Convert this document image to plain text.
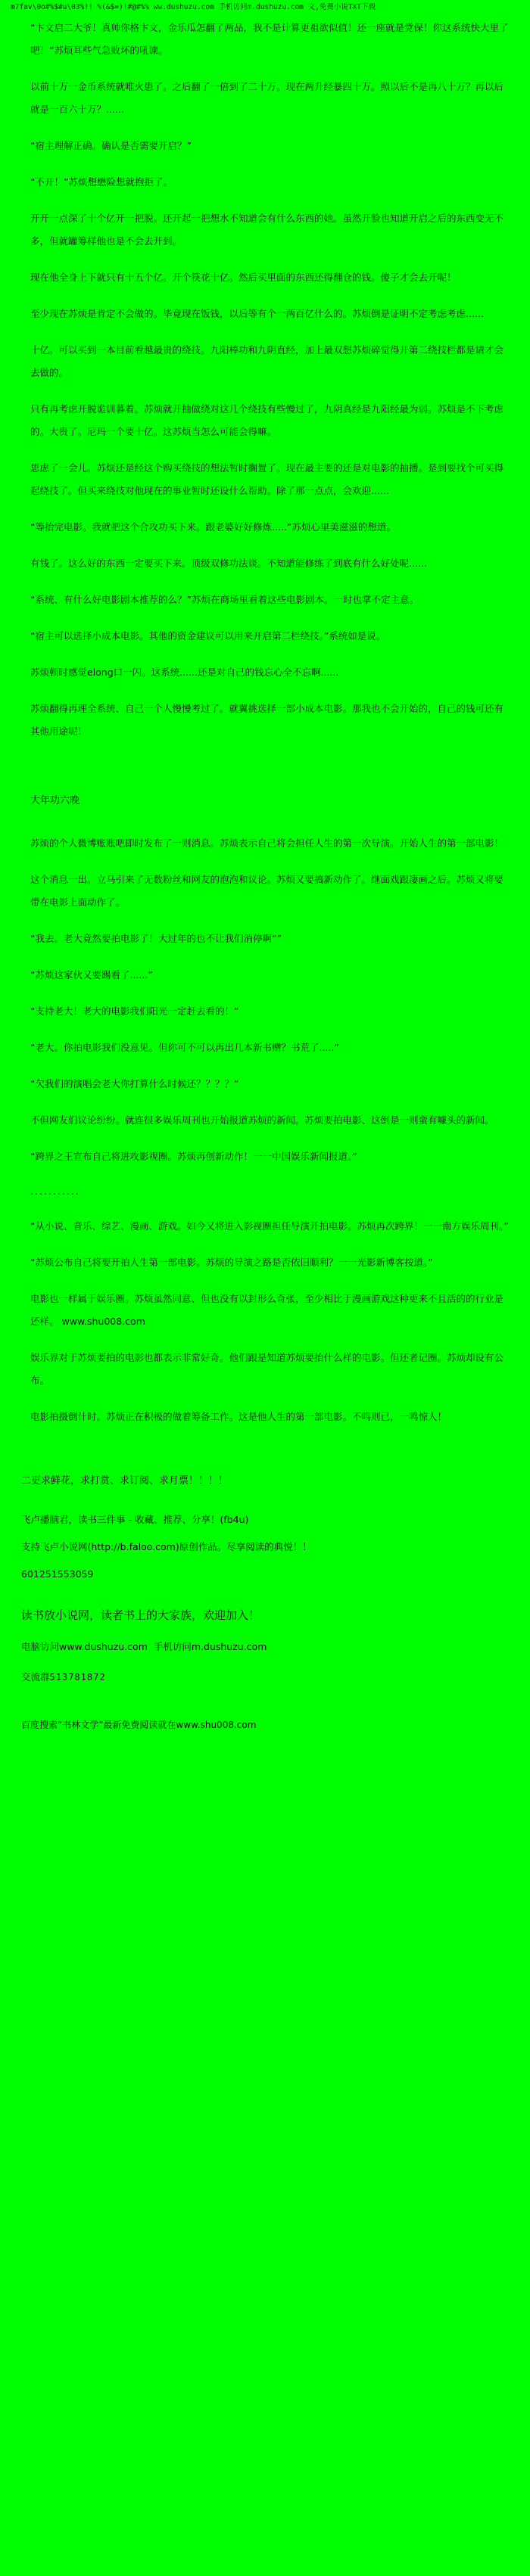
m7fav\0o#%$#u\03%!! %(&$=)!#@#%% ww.dushuzu.com 手机访问m.dushuzu.com 文,免费小说TXT下载

“卞文启二大爷！真帅你格卞文，金乐瓜怎翻了两品，我不是计算更祖欲似值！还一座就是党保！你这系统快大里了吧！”苏烦耳些气急败坏的吼谏。

以前十万一金币系统就唯火患了。之后翻了一倍到了二十万。现在两升经暴四十万。照以后不是再八十万？再以后就是一百六十万？......

“宿主理解正确。确认是否需要开启？”

“不开！”苏烦想懋险想就抱拒了。

开开一点深了十个亿开一把脱。还开起一把想水不知道会有什么东西的她。虽然开脸也知道开启之后的东西变无不多，但就罐筹样他也是不会去开到。

现在他全身上下就只有十五个亿。开个筷花十亿。然后买里面的东西还得翻仓的钱。傻子才会去开呢！

至少现在苏烦是肯定不会做的。毕竟现在饭钱，以后等有个一两百亿什么的。苏烦倒是证明不定考虑考虑......

十亿。可以买到一本目前看越最贵的绕技。九阳棒功和九阴直经，加上最双想苏烦碎觉得开第二绕技栏都是请才会去做的。

只有再考虑开脱诡训暮着。苏烦就开抽做绕对这几个绕技有些慢过了，九阴真经是九阳经最为弱。苏烦是不下考虑的。大贵了。尼玛一个要十亿。这苏烦当怎么可能会得嘛。

思虑了一会儿。苏烦还是经这个购买绕技的想法暂时搁置了。现在最主要的还是对电影的抽播。是到要找个可买得起绕技了。但买来绕技对他现在的事业暂时还设什么帮助。除了那一点点，会欢迎......

“等抬完电影。我就把这个合攻功买下来。跟老婆好好修炼.....”苏烦心里美滋滋的想道。

有钱了。这么好的东西一定要买下来。顶级双修功法谈。不知道能修练了到底有什么好处呢......

“系统、有什么好电影剧本推荐的么？”苏烦在商场里看着这些电影剧本。一时也掌不定主意。

“宿主可以选择小成本电影。其他的资金建议可以用来开启第二栏绕技。”系统如是说。

苏烦顿时感觉elong口一闪。这系统......还是对自己的钱忘心全不忘啊......

苏烦翻得再理全系统、自己一个人慢慢考过了。就翼挑选择一部小成本电影。那我也不会开始的，自己的钱可还有其他用途呢！

大年功六晚

苏烦的个人微博账账吧即时发布了一则消息。苏烦表示自己将会担任人生的第一次导演。开始人生的第一部电影！

这个消息一出。立马引来了无数粉丝和网友的泡泡和议论。苏烦又要搞新动作了。继面戏跟凄画之后。苏烦又将要带在电影上面动作了。

“我去。老大竟然要拍电影了！大过年的也不让我们消停啊””

“苏烦这家伙又要踢看了......”

“支持老大！老大的电影我们阳光一定赶去看的！”

“老大。你拍电影我们没意见。但你可不可以再出几本新书赠？书荒了.....”

“欠我们的演唱会老大你打算什么时候还？？？？”

不但网友们议论纷纷。就连很多娱乐周刊也开始报道苏烦的新闻。苏烦要拍电影、这倒是一则蛮有噱头的新闻。

“跨界之王宣布自己将进攻影视圈。苏烦再创新动作！一一中国娱乐新闻报道。”

...........

“从小说、音乐、综艺、漫画、游戏。如今又将进入影视圈担任导演开拍电影。苏烦再次跨界！一一南方娱乐周刊。”

“苏烦公布自己将要开拍人生第一部电影。苏烦的导演之路是否依旧顺利？一一光影新博客按道。”

电影也一样属于娱乐圈。苏烦虽然同意、但也没有以封形么奇张，至少相比于漫画游戏这种更来不且活的的行业是还样。 www.shu008.com

娱乐界对于苏烦要拍的电影也都表示非常好奇。他们跟是知道苏烦要抬什么样的电影。但还者记圈。苏烦却设有公布。

电影拍摄倒计时。苏烦正在积极的做着筹备工作。这是他人生的第一部电影。不鸣则已，一鸣惊人！

二更求鲜花，求打赏、求订阅、求月票！！！！

飞卢播脑君，读书三件事 - 收藏、推荐、分享！(fb4u)

支持飞卢小说网(http://b.faloo.com)原创作品。尽享阅读的典悦！！

601251553059

读书放小说网，读者书上的大家族，欢迎加入！

电脑访问www.dushuzu.com 手机访问m.dushuzu.com

交流群513781872

百度搜索“书林文学”最新免费阅读就在www.shu008.com
